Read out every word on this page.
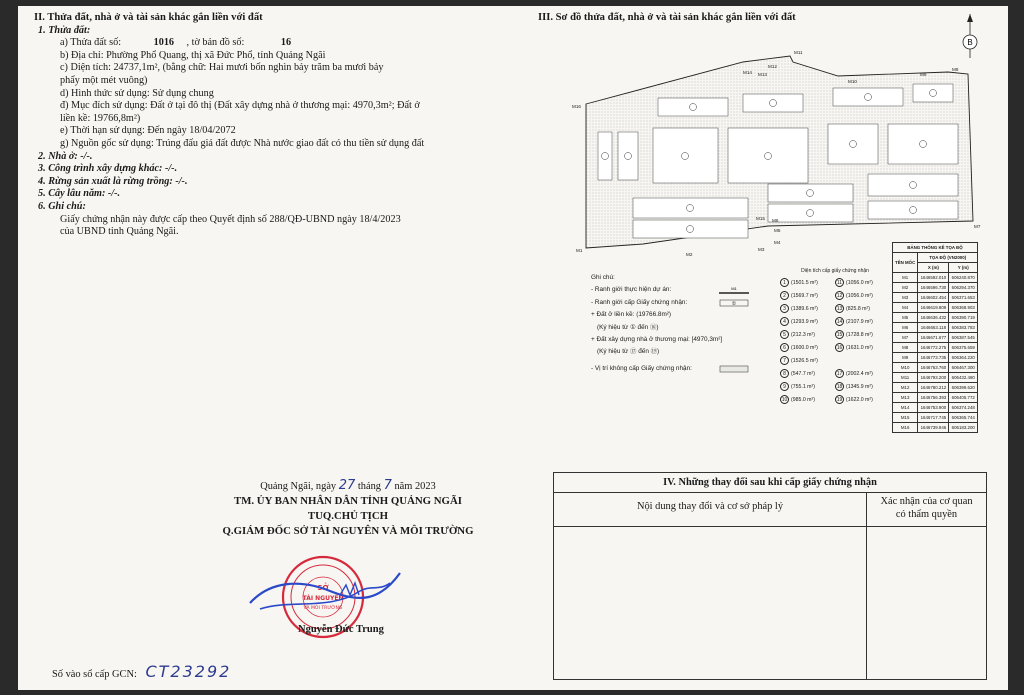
II. Thửa đất, nhà ở và tài sản khác gắn liền với đất
1. Thửa đất:
a) Thửa đất số:	1016 , tờ bản đồ số:	16
b) Địa chỉ: Phường Phổ Quang, thị xã Đức Phổ, tỉnh Quảng Ngãi
c) Diện tích: 24737,1m², (bằng chữ: Hai mươi bốn nghìn bảy trăm ba mươi bảy
phẩy một mét vuông)
d) Hình thức sử dụng: Sử dụng chung
đ) Mục đích sử dụng: Đất ở tại đô thị (Đất xây dựng nhà ở thương mại: 4970,3m²; Đất ở
liền kề: 19766,8m²)
e) Thời hạn sử dụng: Đến ngày 18/04/2072
g) Nguồn gốc sử dụng: Trúng đấu giá đất được Nhà nước giao đất có thu tiền sử dụng đất
2. Nhà ở: -/-.
3. Công trình xây dựng khác: -/-.
4. Rừng sản xuất là rừng trồng: -/-.
5. Cây lâu năm: -/-.
6. Ghi chú:
Giấy chứng nhận này được cấp theo Quyết định số 288/QĐ-UBND ngày 18/4/2023
của UBND tỉnh Quảng Ngãi.
Quảng Ngãi, ngày 27 tháng 7 năm 2023
TM. ỦY BAN NHÂN DÂN TỈNH QUẢNG NGÃI
TUQ.CHỦ TỊCH
Q.GIÁM ĐỐC SỞ TÀI NGUYÊN VÀ MÔI TRƯỜNG
SỞ
TÀI NGUYÊN
VÀ MÔI TRƯỜNG
Nguyễn Đức Trung
Số vào sổ cấp GCN: CT23292
III. Sơ đồ thửa đất, nhà ở và tài sản khác gắn liền với đất
B
M1
M2
M3
M4
M5
M6
M7
M8
M9
M10
M11
M12
M13
M14
M15
M16
Ghi chú:
- Ranh giới thực hiện dự án:	M1
- Ranh giới cấp Giấy chứng nhận:	①
+ Đất ở liền kề: (19766.8m²)
(Ký hiệu từ ① đến ⑯)
+ Đất xây dựng nhà ở thương mại: [4970,3m²]
(Ký hiệu từ ⑰ đến ⑲)
- Vị trí không cấp Giấy chứng nhận:
Diện tích cấp giấy chứng nhận
1 (1501.5 m²)	11 (1056.0 m²)
2 (1569.7 m²)	12 (1056.0 m²)
3 (1389.6 m²)	13 (825.8 m²)
4 (1293.9 m²)	14 (2107.9 m²)
5 (212.3 m²)	15 (1728.8 m²)
6 (1600.0 m²)	16 (1631.0 m²)
7 (1526.5 m²)
8 (547.7 m²)	17 (2002.4 m²)
9 (755.1 m²)	18 (1345.9 m²)
10 (985.0 m²)	19 (1622.0 m²)
BẢNG THỐNG KÊ TỌA ĐỘ		
TÊN MỐC	TỌA ĐỘ (VN2000)	
	X (m)	Y (m)
M1	1646592.010	606240.870
M2	1646596.730	606294.370
M3	1646602.454	606371.653
M4	1646619.809	606368.903
M5	1646636.432	606390.719
M6	1646663.118	606383.783
M7	1646671.677	606387.545
M8	1646772.275	606375.659
M9	1646773.735	606364.220
M10	1646763.760	606467.300
M11	1646793.200	606432.480
M12	1646780.212	606399.620
M13	1646756.393	606405.772
M14	1646753.900	606374.248
M15	1646717.745	606365.744
M16	1646739.946	606183.200
IV. Những thay đổi sau khi cấp giấy chứng nhận
Nội dung thay đổi và cơ sở pháp lý	Xác nhận của cơ quan
có thẩm quyền
